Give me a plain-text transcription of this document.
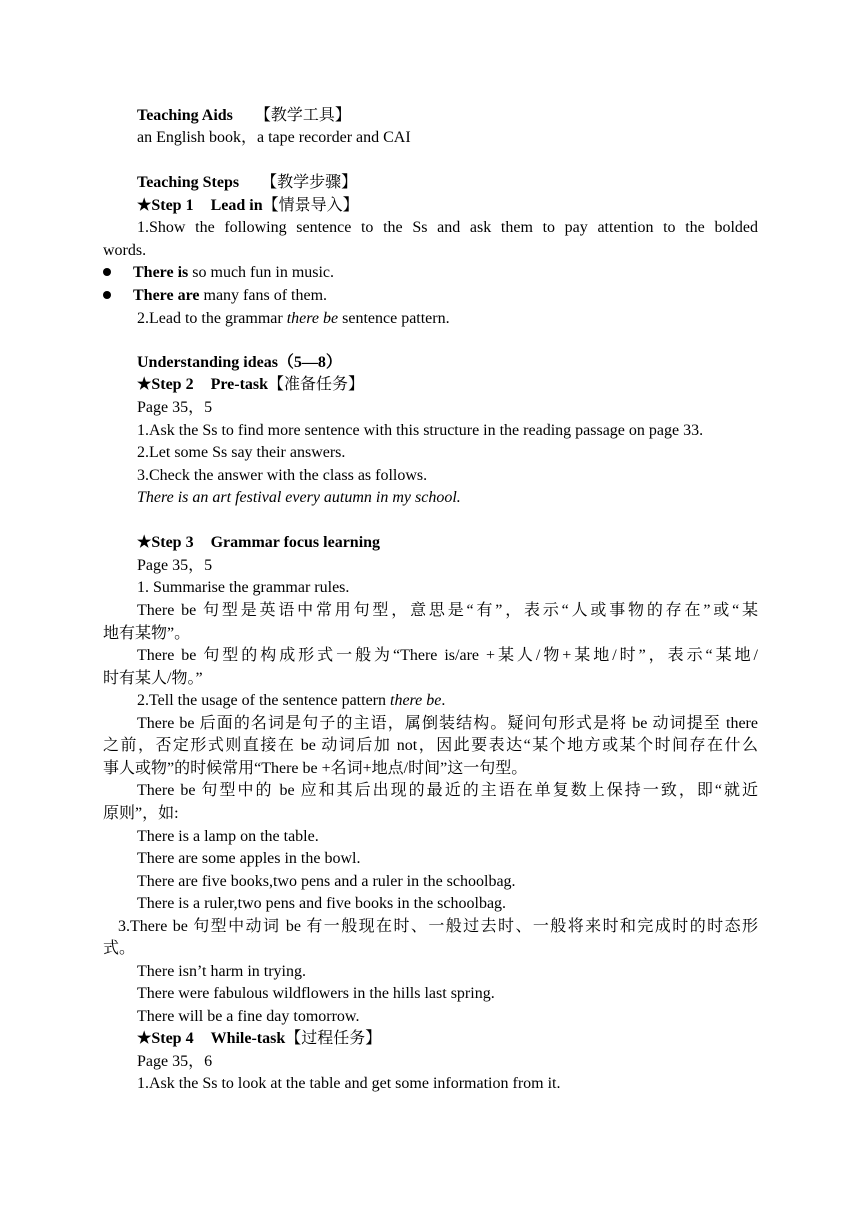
Teaching Aids 【教学工具】
an English book，a tape recorder and CAI
Teaching Steps 【教学步骤】
★Step 1 Lead in【情景导入】
1.Show the following sentence to the Ss and ask them to pay attention to the bolded
words.
There is so much fun in music.
There are many fans of them.
2.Lead to the grammar there be sentence pattern.
Understanding ideas（5—8）
★Step 2 Pre-task【准备任务】
Page 35，5
1.Ask the Ss to find more sentence with this structure in the reading passage on page 33.
2.Let some Ss say their answers.
3.Check the answer with the class as follows.
There is an art festival every autumn in my school.
★Step 3 Grammar focus learning
Page 35，5
1. Summarise the grammar rules.
There be 句型是英语中常用句型，意思是“有”，表示“人或事物的存在”或“某
地有某物”。
There be 句型的构成形式一般为“There is/are +某人/物+某地/时”，表示“某地/
时有某人/物。”
2.Tell the usage of the sentence pattern there be.
There be 后面的名词是句子的主语，属倒装结构。疑问句形式是将 be 动词提至 there
之前，否定形式则直接在 be 动词后加 not，因此要表达“某个地方或某个时间存在什么
事人或物”的时候常用“There be +名词+地点/时间”这一句型。
There be 句型中的 be 应和其后出现的最近的主语在单复数上保持一致，即“就近
原则”，如:
There is a lamp on the table.
There are some apples in the bowl.
There are five books,two pens and a ruler in the schoolbag.
There is a ruler,two pens and five books in the schoolbag.
3.There be 句型中动词 be 有一般现在时、一般过去时、一般将来时和完成时的时态形
式。
There isn’t harm in trying.
There were fabulous wildflowers in the hills last spring.
There will be a fine day tomorrow.
★Step 4 While-task【过程任务】
Page 35，6
1.Ask the Ss to look at the table and get some information from it.
